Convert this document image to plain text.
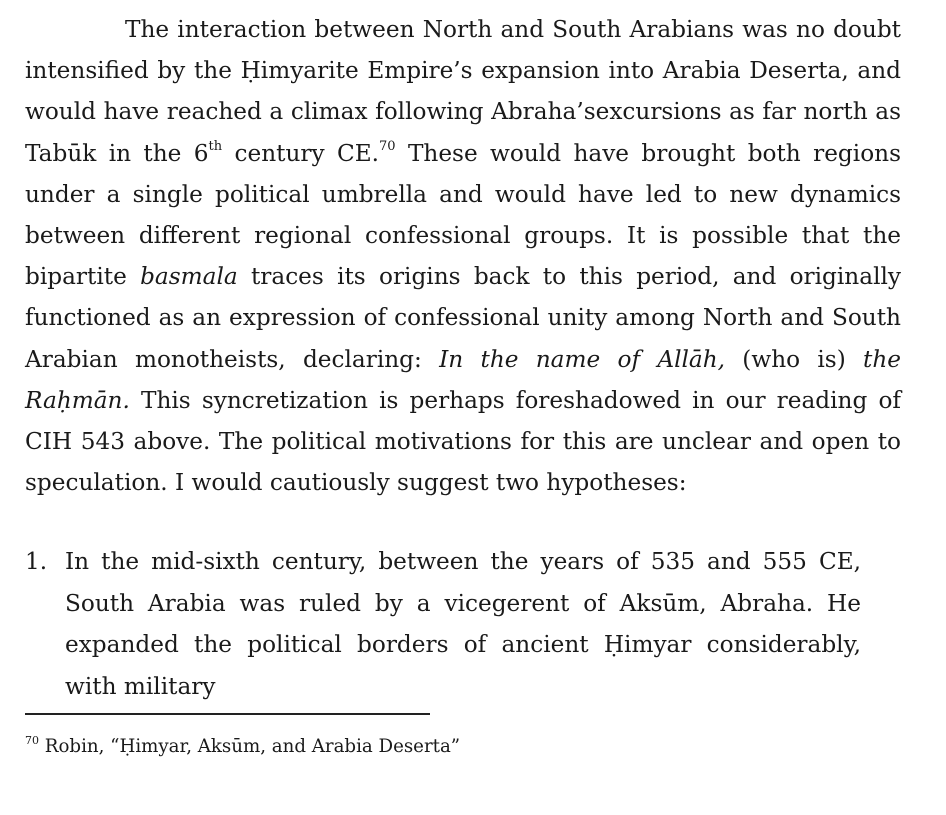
The interaction between North and South Arabians was no doubt intensified by the Ḥimyarite Empire’s expansion into Arabia Deserta, and would have reached a climax following Abraha’sexcursions as far north as Tabūk in the 6th century CE.$^{70}$ These would have brought both regions under a single political umbrella and would have led to new dynamics between different regional confessional groups. It is possible that the bipartite basmala traces its origins back to this period, and originally functioned as an expression of confessional unity among North and South Arabian monotheists, declaring: In the name of Allāh, (who is) the Raḥmān. This syncretization is perhaps foreshadowed in our reading of CIH 543 above. The political motivations for this are unclear and open to speculation. I would cautiously suggest two hypotheses:
1. In the mid-sixth century, between the years of 535 and 555 CE, South Arabia was ruled by a vicegerent of Aksūm, Abraha. He expanded the political borders of ancient Ḥimyar considerably, with military
$^{70}$ Robin, “Ḥimyar, Aksūm, and Arabia Deserta”
